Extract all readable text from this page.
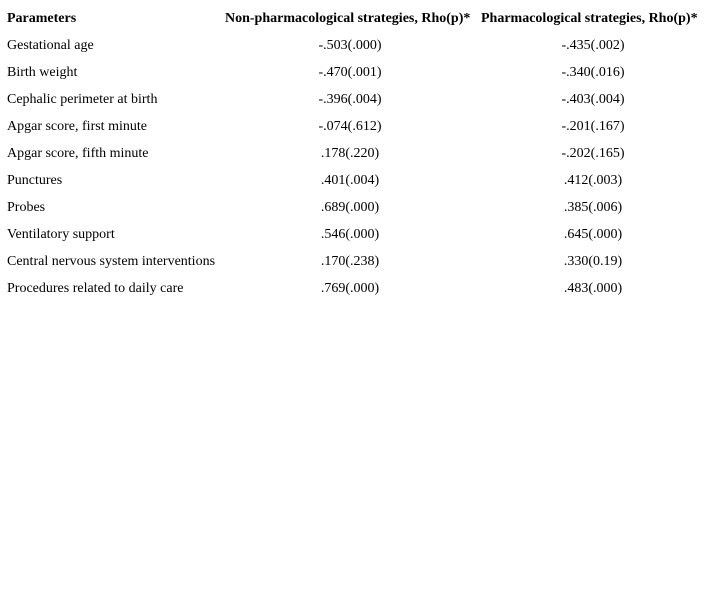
Parameters	Non-pharmacological strategies, Rho(p)*	Pharmacological strategies, Rho(p)*
Gestational age	-.503(.000)	-.435(.002)
Birth weight	-.470(.001)	-.340(.016)
Cephalic perimeter at birth	-.396(.004)	-.403(.004)
Apgar score, first minute	-.074(.612)	-.201(.167)
Apgar score, fifth minute	.178(.220)	-.202(.165)
Punctures	.401(.004)	.412(.003)
Probes	.689(.000)	.385(.006)
Ventilatory support	.546(.000)	.645(.000)
Central nervous system interventions	.170(.238)	.330(0.19)
Procedures related to daily care	.769(.000)	.483(.000)
